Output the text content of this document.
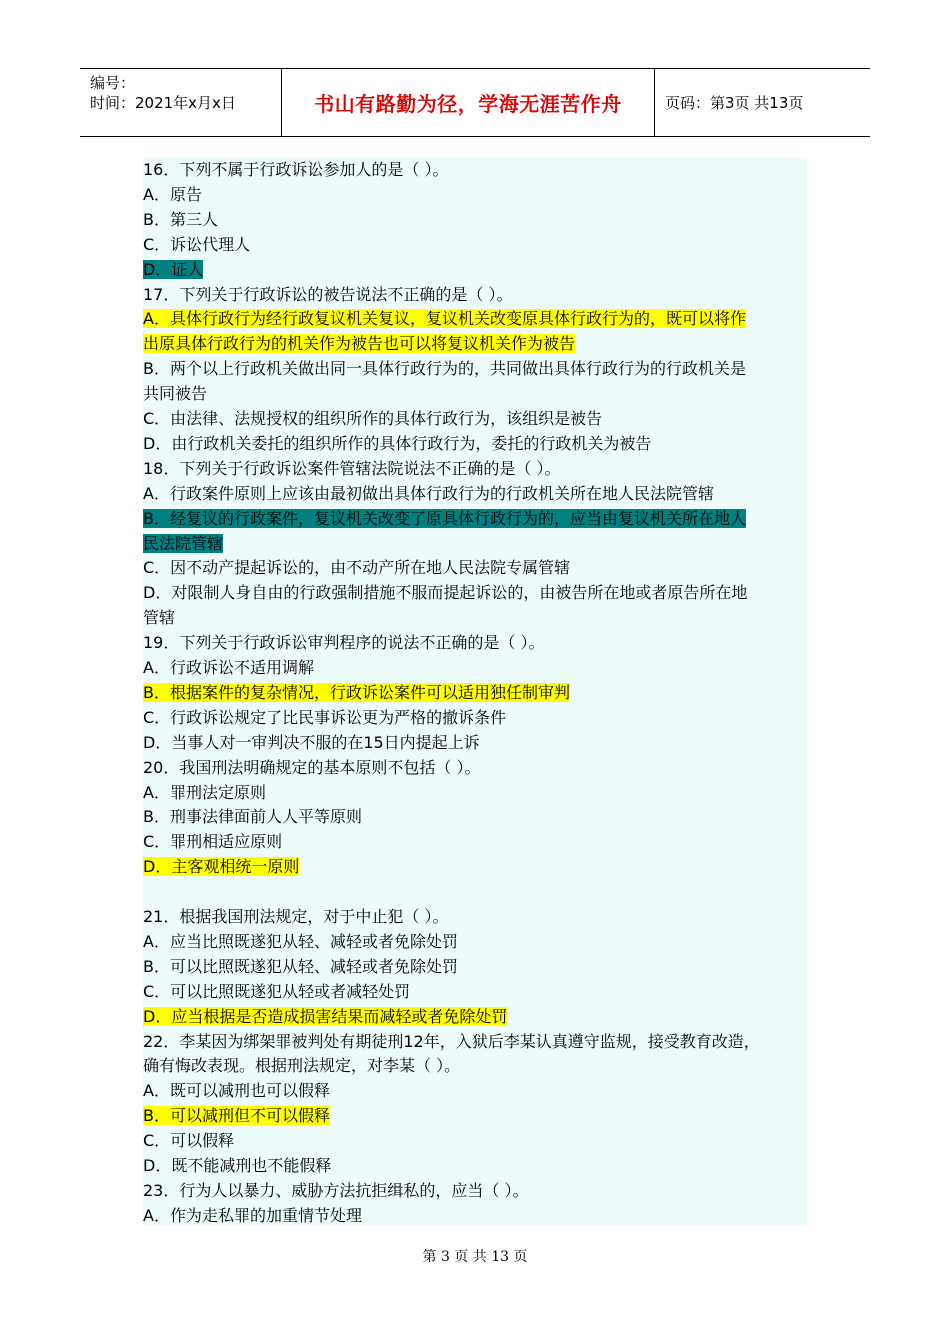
编号：
时间：2021年x月x日	书山有路勤为径，学海无涯苦作舟	页码：第3页 共13页
16．下列不属于行政诉讼参加人的是（ ）。
A．原告
B．第三人
C．诉讼代理人
D．证人
17．下列关于行政诉讼的被告说法不正确的是（ ）。
A．具体行政行为经行政复议机关复议，复议机关改变原具体行政行为的，既可以将作
出原具体行政行为的机关作为被告也可以将复议机关作为被告
B．两个以上行政机关做出同一具体行政行为的，共同做出具体行政行为的行政机关是
共同被告
C．由法律、法规授权的组织所作的具体行政行为，该组织是被告
D．由行政机关委托的组织所作的具体行政行为，委托的行政机关为被告
18．下列关于行政诉讼案件管辖法院说法不正确的是（ ）。
A．行政案件原则上应该由最初做出具体行政行为的行政机关所在地人民法院管辖
B．经复议的行政案件，复议机关改变了原具体行政行为的，应当由复议机关所在地人
民法院管辖
C．因不动产提起诉讼的，由不动产所在地人民法院专属管辖
D．对限制人身自由的行政强制措施不服而提起诉讼的，由被告所在地或者原告所在地
管辖
19．下列关于行政诉讼审判程序的说法不正确的是（ ）。
A．行政诉讼不适用调解
B．根据案件的复杂情况，行政诉讼案件可以适用独任制审判
C．行政诉讼规定了比民事诉讼更为严格的撤诉条件
D．当事人对一审判决不服的在15日内提起上诉
20．我国刑法明确规定的基本原则不包括（ ）。
A．罪刑法定原则
B．刑事法律面前人人平等原则
C．罪刑相适应原则
D．主客观相统一原则
21．根据我国刑法规定，对于中止犯（ ）。
A．应当比照既遂犯从轻、减轻或者免除处罚
B．可以比照既遂犯从轻、减轻或者免除处罚
C．可以比照既遂犯从轻或者减轻处罚
D．应当根据是否造成损害结果而减轻或者免除处罚
22．李某因为绑架罪被判处有期徒刑12年，入狱后李某认真遵守监规，接受教育改造，
确有悔改表现。根据刑法规定，对李某（ ）。
A．既可以减刑也可以假释
B．可以减刑但不可以假释
C．可以假释
D．既不能减刑也不能假释
23．行为人以暴力、威胁方法抗拒缉私的，应当（ ）。
A．作为走私罪的加重情节处理
第 3 页 共 13 页
